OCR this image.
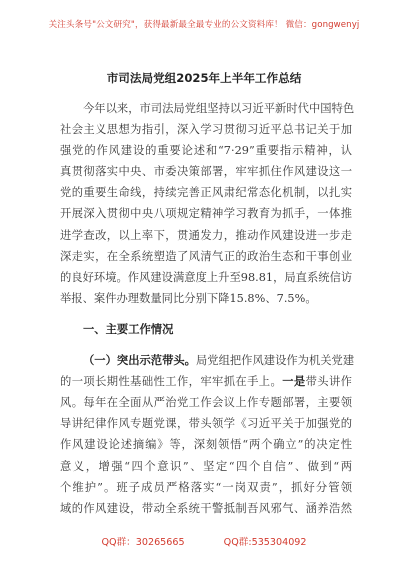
关注头条号"公文研究"，获得最新最全最专业的公文资料库！ 微信：gongwenyj
市司法局党组2025年上半年工作总结
今年以来，市司法局党组坚持以习近平新时代中国特色
社会主义思想为指引，深入学习贯彻习近平总书记关于加
强党的作风建设的重要论述和“7·29”重要指示精神，认
真贯彻落实中央、市委决策部署，牢牢抓住作风建设这一
党的重要生命线，持续完善正风肃纪常态化机制，以扎实
开展深入贯彻中央八项规定精神学习教育为抓手，一体推
进学查改，以上率下，贯通发力，推动作风建设进一步走
深走实，在全系统塑造了风清气正的政治生态和干事创业
的良好环境。作风建设满意度上升至98.81，局直系统信访
举报、案件办理数量同比分别下降15.8%、7.5%。
一、主要工作情况
（一）突出示范带头。局党组把作风建设作为机关党建
的一项长期性基础性工作，牢牢抓在手上。一是带头讲作
风。每年在全面从严治党工作会议上作专题部署，主要领
导讲纪律作风专题党课，带头领学《习近平关于加强党的
作风建设论述摘编》等，深刻领悟“两个确立”的决定性
意义，增强“四个意识”、坚定“四个自信”、做到“两
个维护”。班子成员严格落实“一岗双责”，抓好分管领
域的作风建设，带动全系统干警抵制吾风邪气、涵养浩然
QQ群：30265665	QQ群:535304092
